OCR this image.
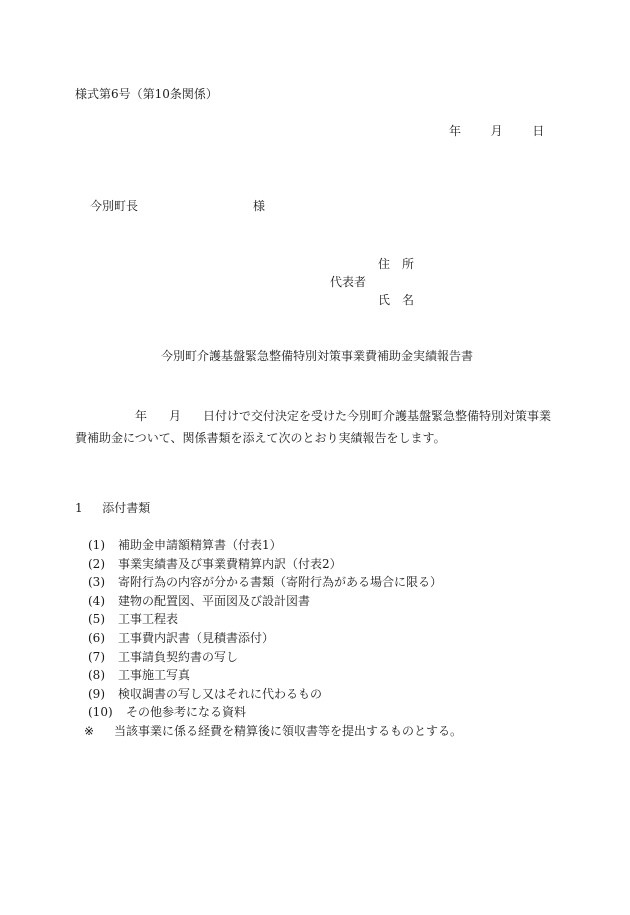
様式第6号（第10条関係）
年 月 日
今別町長	様
住　所
代表者
氏　名
今別町介護基盤緊急整備特別対策事業費補助金実績報告書
年 月 日付けで交付決定を受けた今別町介護基盤緊急整備特別対策事業
費補助金について、関係書類を添えて次のとおり実績報告をします。
1 添付書類
(1) 補助金申請額精算書（付表1）
(2) 事業実績書及び事業費精算内訳（付表2）
(3) 寄附行為の内容が分かる書類（寄附行為がある場合に限る）
(4) 建物の配置図、平面図及び設計図書
(5) 工事工程表
(6) 工事費内訳書（見積書添付）
(7) 工事請負契約書の写し
(8) 工事施工写真
(9) 検収調書の写し又はそれに代わるもの
(10) その他参考になる資料
※ 当該事業に係る経費を精算後に領収書等を提出するものとする。
